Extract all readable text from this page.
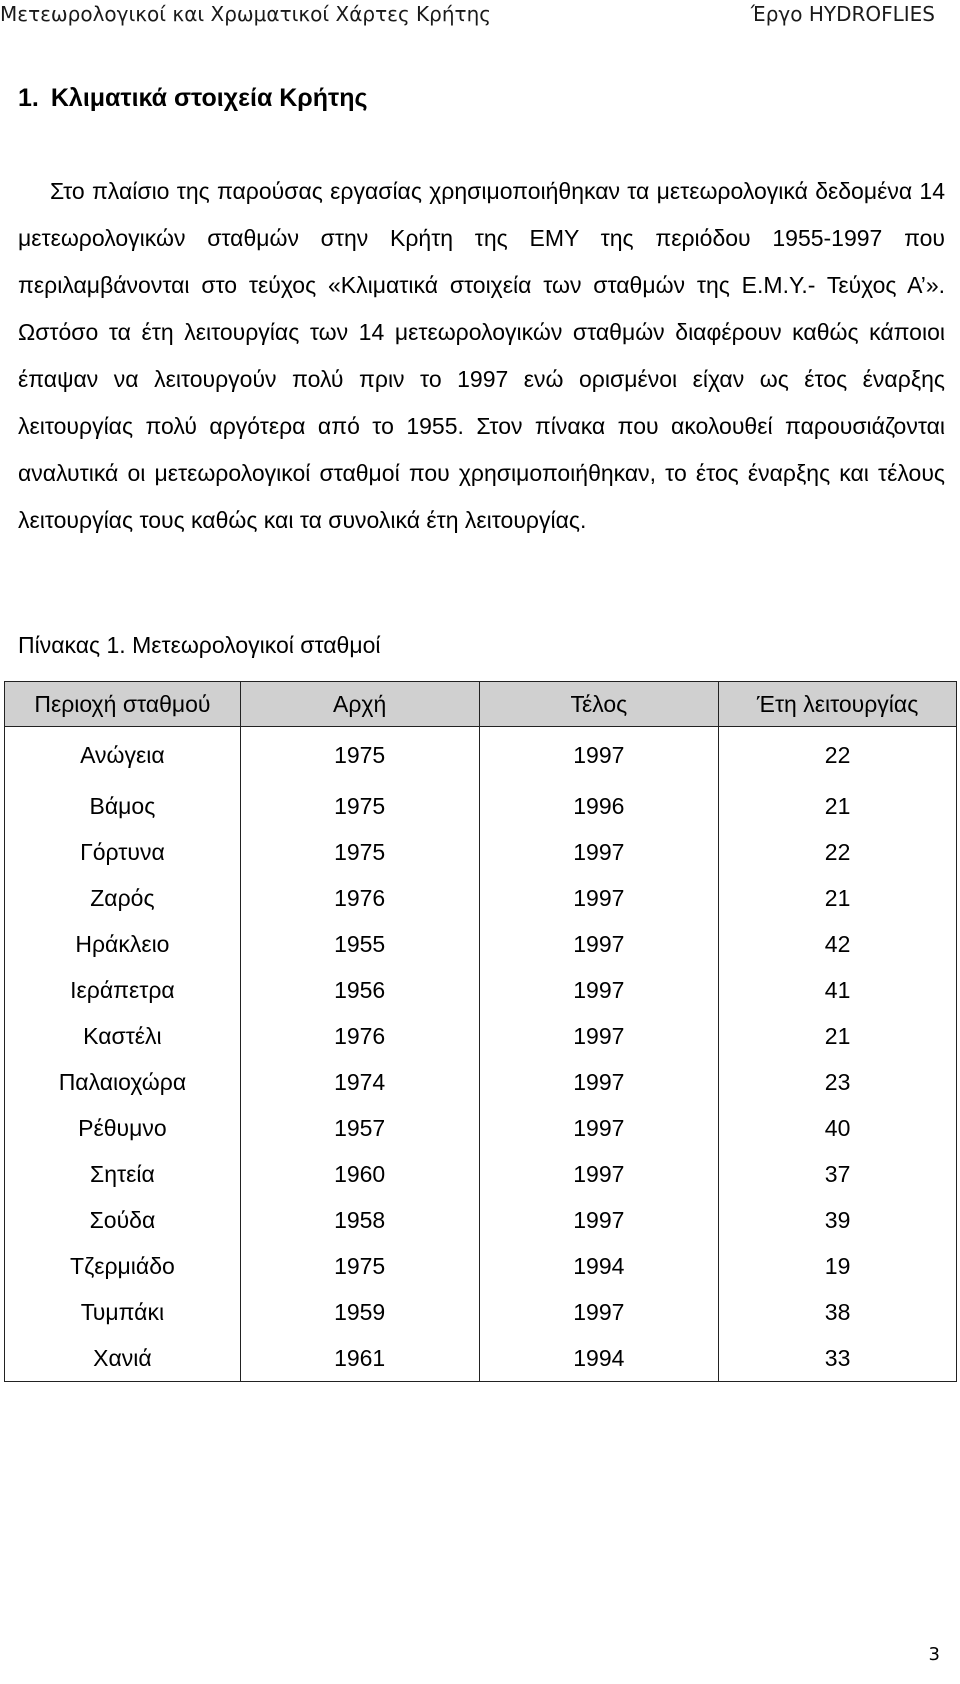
Μετεωρολογικοί και Χρωματικοί Χάρτες Κρήτης	Έργο HYDROFLIES
1. Κλιματικά στοιχεία Κρήτης

Στο πλαίσιο της παρούσας εργασίας χρησιμοποιήθηκαν τα μετεωρολογικά δεδομένα 14 μετεωρολογικών σταθμών στην Κρήτη της ΕΜΥ της περιόδου 1955-1997 που περιλαμβάνονται στο τεύχος «Κλιματικά στοιχεία των σταθμών της Ε.Μ.Υ.- Τεύχος Α’». Ωστόσο τα έτη λειτουργίας των 14 μετεωρολογικών σταθμών διαφέρουν καθώς κάποιοι έπαψαν να λειτουργούν πολύ πριν το 1997 ενώ ορισμένοι είχαν ως έτος έναρξης λειτουργίας πολύ αργότερα από το 1955. Στον πίνακα που ακολουθεί παρουσιάζονται αναλυτικά οι μετεωρολογικοί σταθμοί που χρησιμοποιήθηκαν, το έτος έναρξης και τέλους λειτουργίας τους καθώς και τα συνολικά έτη λειτουργίας.

Πίνακας 1. Μετεωρολογικοί σταθμοί
Περιοχή σταθμού	Αρχή	Τέλος	Έτη λειτουργίας
Ανώγεια	1975	1997	22
Βάμος	1975	1996	21
Γόρτυνα	1975	1997	22
Ζαρός	1976	1997	21
Ηράκλειο	1955	1997	42
Ιεράπετρα	1956	1997	41
Καστέλι	1976	1997	21
Παλαιοχώρα	1974	1997	23
Ρέθυμνο	1957	1997	40
Σητεία	1960	1997	37
Σούδα	1958	1997	39
Τζερμιάδο	1975	1994	19
Τυμπάκι	1959	1997	38
Χανιά	1961	1994	33
3
